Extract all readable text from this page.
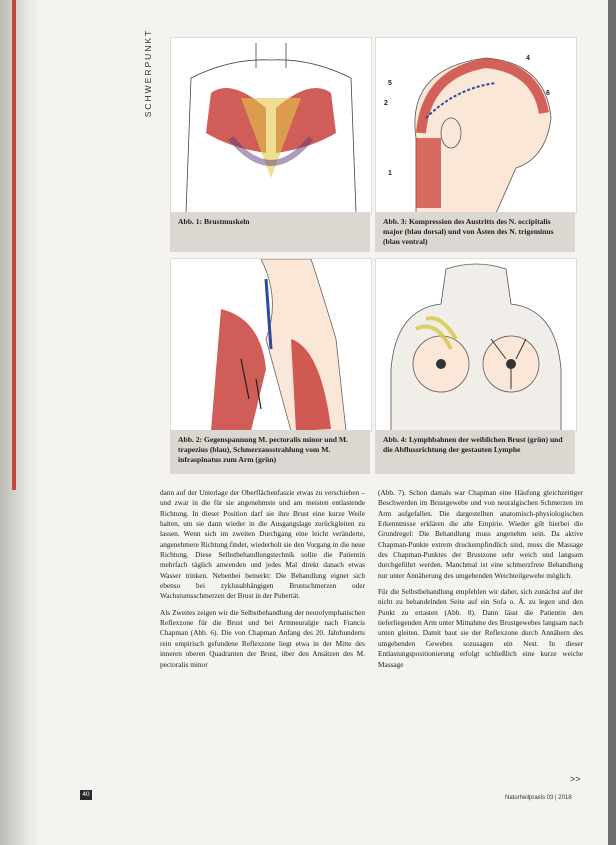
SCHWERPUNKT
Abb. 1: Brustmuskeln
5
2
1
4
6
Abb. 3: Kompression des Austritts des N. occipitalis major (blau dorsal) und von Ästen des N. trigeminus (blau ventral)
Abb. 2: Gegenspannung M. pectoralis minor und M. trapezius (blau), Schmerzausstrahlung vom M. infraspinatus zum Arm (grün)
Abb. 4: Lymphbahnen der weiblichen Brust (grün) und die Abflussrichtung der gestauten Lymphe

dann auf der Unterlage der Oberflächenfaszie etwas zu verschieben – und zwar in die für sie angenehmste und am meisten entlastende Richtung. In dieser Position darf sie ihre Brust eine kurze Weile halten, um sie dann wieder in die Ausgangslage zurückgleiten zu lassen. Wenn sich im zweiten Durchgang eine leicht veränderte, angenehmere Richtung findet, wiederholt sie den Vorgang in die neue Richtung. Diese Selbstbehandlungstechnik sollte die Patientin mehrfach täglich anwenden und jedes Mal direkt danach etwas Wasser trinken. Nebenbei bemerkt: Die Behandlung eignet sich ebenso bei zyklusabhängigen Brustschmerzen oder Wachstumsschmerzen der Brust in der Pubertät.

Als Zweites zeigen wir die Selbstbehandlung der neurolymphatischen Reflexzone für die Brust und bei Armneuralgie nach Francis Chapman (Abb. 6). Die von Chapman Anfang des 20. Jahrhunderts rein empirisch gefundene Reflexzone liegt etwa in der Mitte des inneren oberen Quadranten der Brust, über den Ansätzen des M. pectoralis minor

(Abb. 7). Schon damals war Chapman eine Häufung gleichzeitiger Beschwerden im Brustgewebe und von neuralgischen Schmerzen im Arm aufgefallen. Die dargestellten anatomisch-physiologischen Erkenntnisse erklären die alte Empirie. Wieder gilt hierbei die Grundregel: Die Behandlung muss angenehm sein. Da aktive Chapman-Punkte extrem druckempfindlich sind, muss die Massage des Chapman-Punktes der Brustzone sehr weich und langsam durchgeführt werden. Manchmal ist eine schmerzfreie Behandlung nur unter Annäherung des umgebenden Weichteilgewebe möglich.

Für die Selbstbehandlung empfehlen wir daher, sich zunächst auf der nicht zu behandelnden Seite auf ein Sofa o. Ä. zu legen und den Punkt zu ertasten (Abb. 8). Dann lässt die Patientin den tieferliegenden Arm unter Mitnahme des Brustgewebes langsam nach unten gleiten. Damit baut sie der Reflexzone durch Annähern des umgebenden Gewebes sozusagen ein Nest. In dieser Entlastungspositionierung erfolgt schließlich eine kurze weiche Massage

>>
40	Naturheilpraxis 03 | 2018
